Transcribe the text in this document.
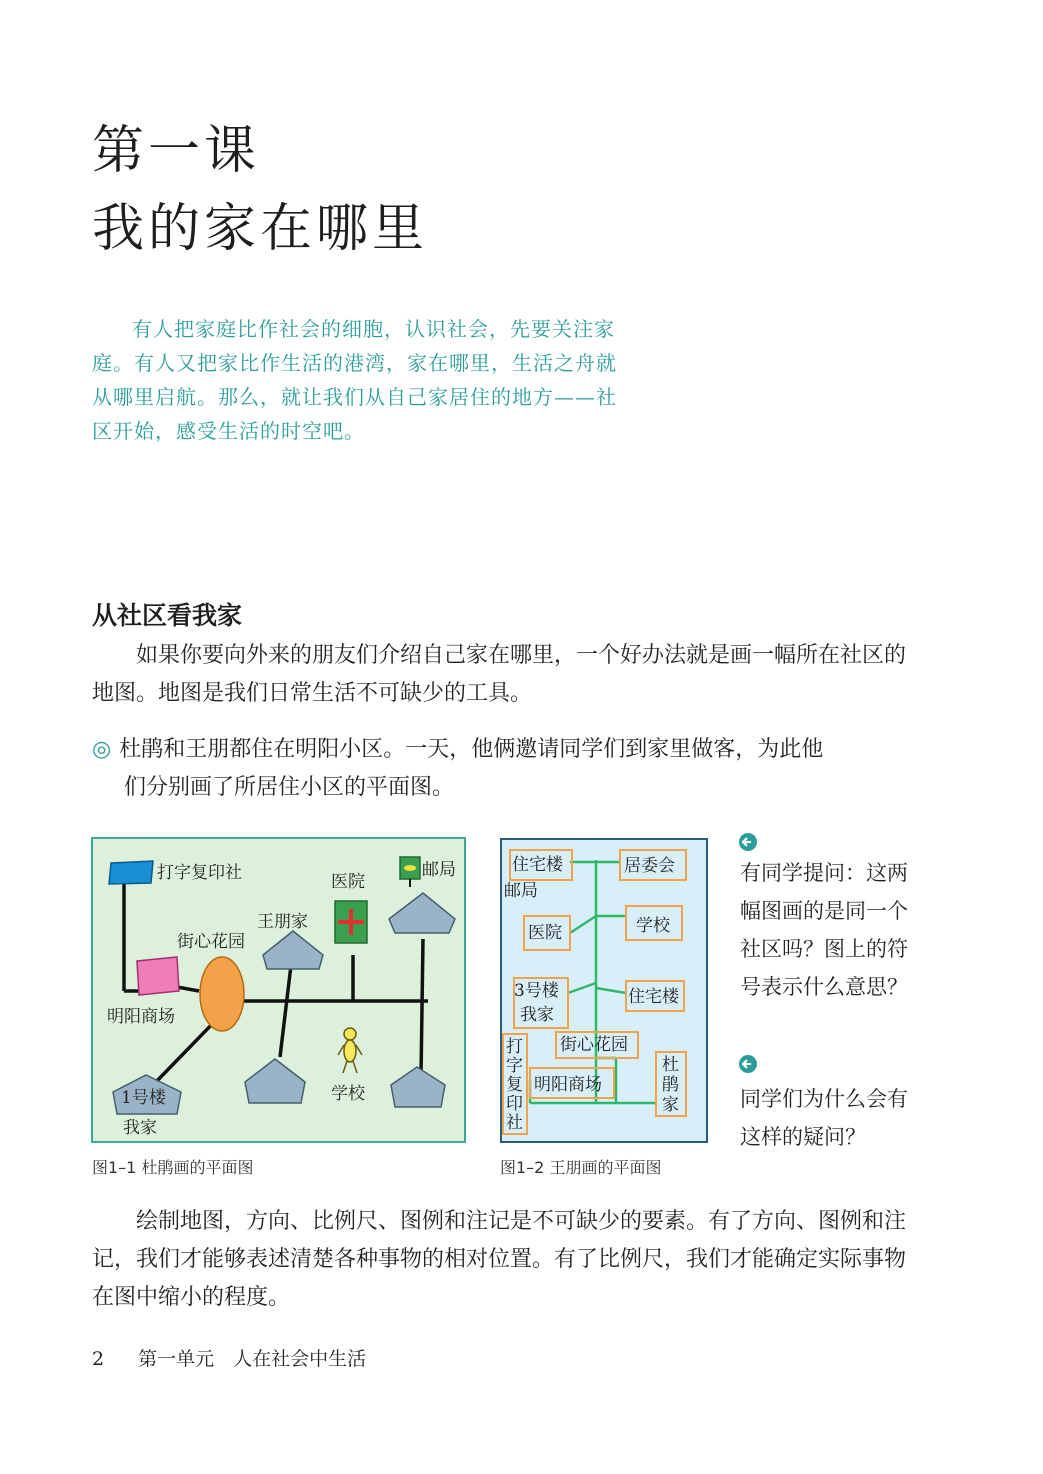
第一课
我的家在哪里
有人把家庭比作社会的细胞，认识社会，先要关注家庭。有人又把家比作生活的港湾，家在哪里，生活之舟就从哪里启航。那么，就让我们从自己家居住的地方——社区开始，感受生活的时空吧。
从社区看我家
如果你要向外来的朋友们介绍自己家在哪里，一个好办法就是画一幅所在社区的地图。地图是我们日常生活不可缺少的工具。
◎ 杜鹃和王朋都住在明阳小区。一天，他俩邀请同学们到家里做客，为此他
们分别画了所居住小区的平面图。
打字复印社	邮局
医院
王朋家
1号楼
我家
街心花园
明阳商场
学校
图1–1 杜鹃画的平面图
住宅楼	居委会
邮局
医院	学校
3号楼
我家
住宅楼
街心花园
明阳商场
打
字
复
印
社
杜
鹃
家
图1–2 王朋画的平面图
有同学提问：这两幅图画的是同一个社区吗？图上的符号表示什么意思？
同学们为什么会有这样的疑问？
绘制地图，方向、比例尺、图例和注记是不可缺少的要素。有了方向、图例和注记，我们才能够表述清楚各种事物的相对位置。有了比例尺，我们才能确定实际事物在图中缩小的程度。
2 第一单元　人在社会中生活
